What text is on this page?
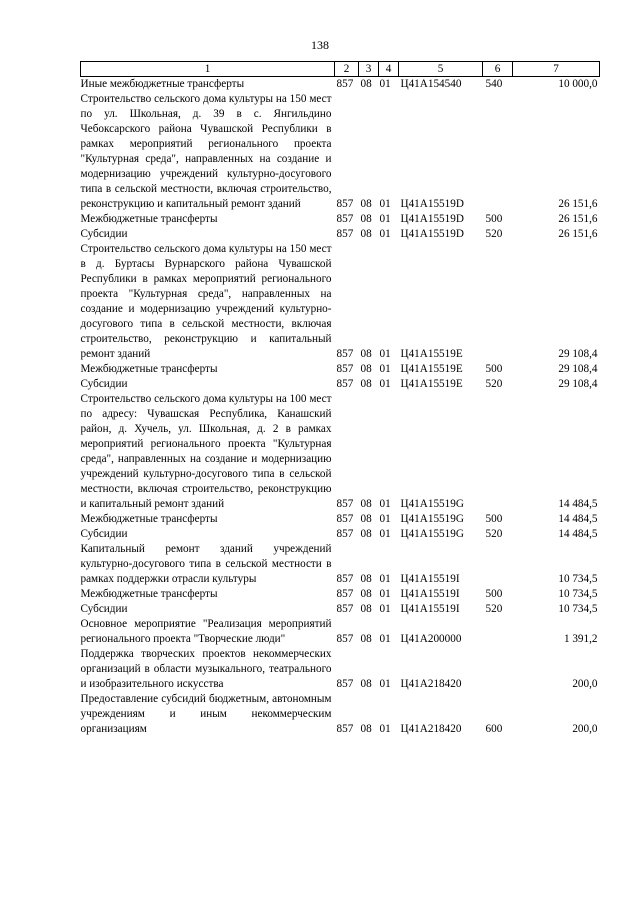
138
1	2	3	4	5	6	7
Иные межбюджетные трансферты	857	08	01	Ц41А154540	540	10 000,0
Строительство сельского дома культуры на 150 мест по ул. Школьная, д. 39 в с. Янгильдино Чебоксарского района Чувашской Республики в рамках мероприятий регионального проекта "Культурная среда", направленных на создание и модернизацию учреждений культурно-досугового типа в сельской местности, включая строительство, реконструкцию и капитальный ремонт зданий	857	08	01	Ц41А15519D		26 151,6
Межбюджетные трансферты	857	08	01	Ц41А15519D	500	26 151,6
Субсидии	857	08	01	Ц41А15519D	520	26 151,6
Строительство сельского дома культуры на 150 мест в д. Буртасы Вурнарского района Чувашской Республики в рамках мероприятий регионального проекта "Культурная среда", направленных на создание и модернизацию учреждений культурно-досугового типа в сельской местности, включая строительство, реконструкцию и капитальный ремонт зданий	857	08	01	Ц41А15519E		29 108,4
Межбюджетные трансферты	857	08	01	Ц41А15519E	500	29 108,4
Субсидии	857	08	01	Ц41А15519E	520	29 108,4
Строительство сельского дома культуры на 100 мест по адресу: Чувашская Республика, Канашский район, д. Хучель, ул. Школьная, д. 2 в рамках мероприятий регионального проекта "Культурная среда", направленных на создание и модернизацию учреждений культурно-досугового типа в сельской местности, включая строительство, реконструкцию и капитальный ремонт зданий	857	08	01	Ц41А15519G		14 484,5
Межбюджетные трансферты	857	08	01	Ц41А15519G	500	14 484,5
Субсидии	857	08	01	Ц41А15519G	520	14 484,5
Капитальный ремонт зданий учреждений культурно-досугового типа в сельской местности в рамках поддержки отрасли культуры	857	08	01	Ц41А15519I		10 734,5
Межбюджетные трансферты	857	08	01	Ц41А15519I	500	10 734,5
Субсидии	857	08	01	Ц41А15519I	520	10 734,5
Основное мероприятие "Реализация мероприятий регионального проекта "Творческие люди"	857	08	01	Ц41А200000		1 391,2
Поддержка творческих проектов некоммерческих организаций в области музыкального, театрального и изобразительного искусства	857	08	01	Ц41А218420		200,0
Предоставление субсидий бюджетным, автономным учреждениям и иным некоммерческим организациям	857	08	01	Ц41А218420	600	200,0
